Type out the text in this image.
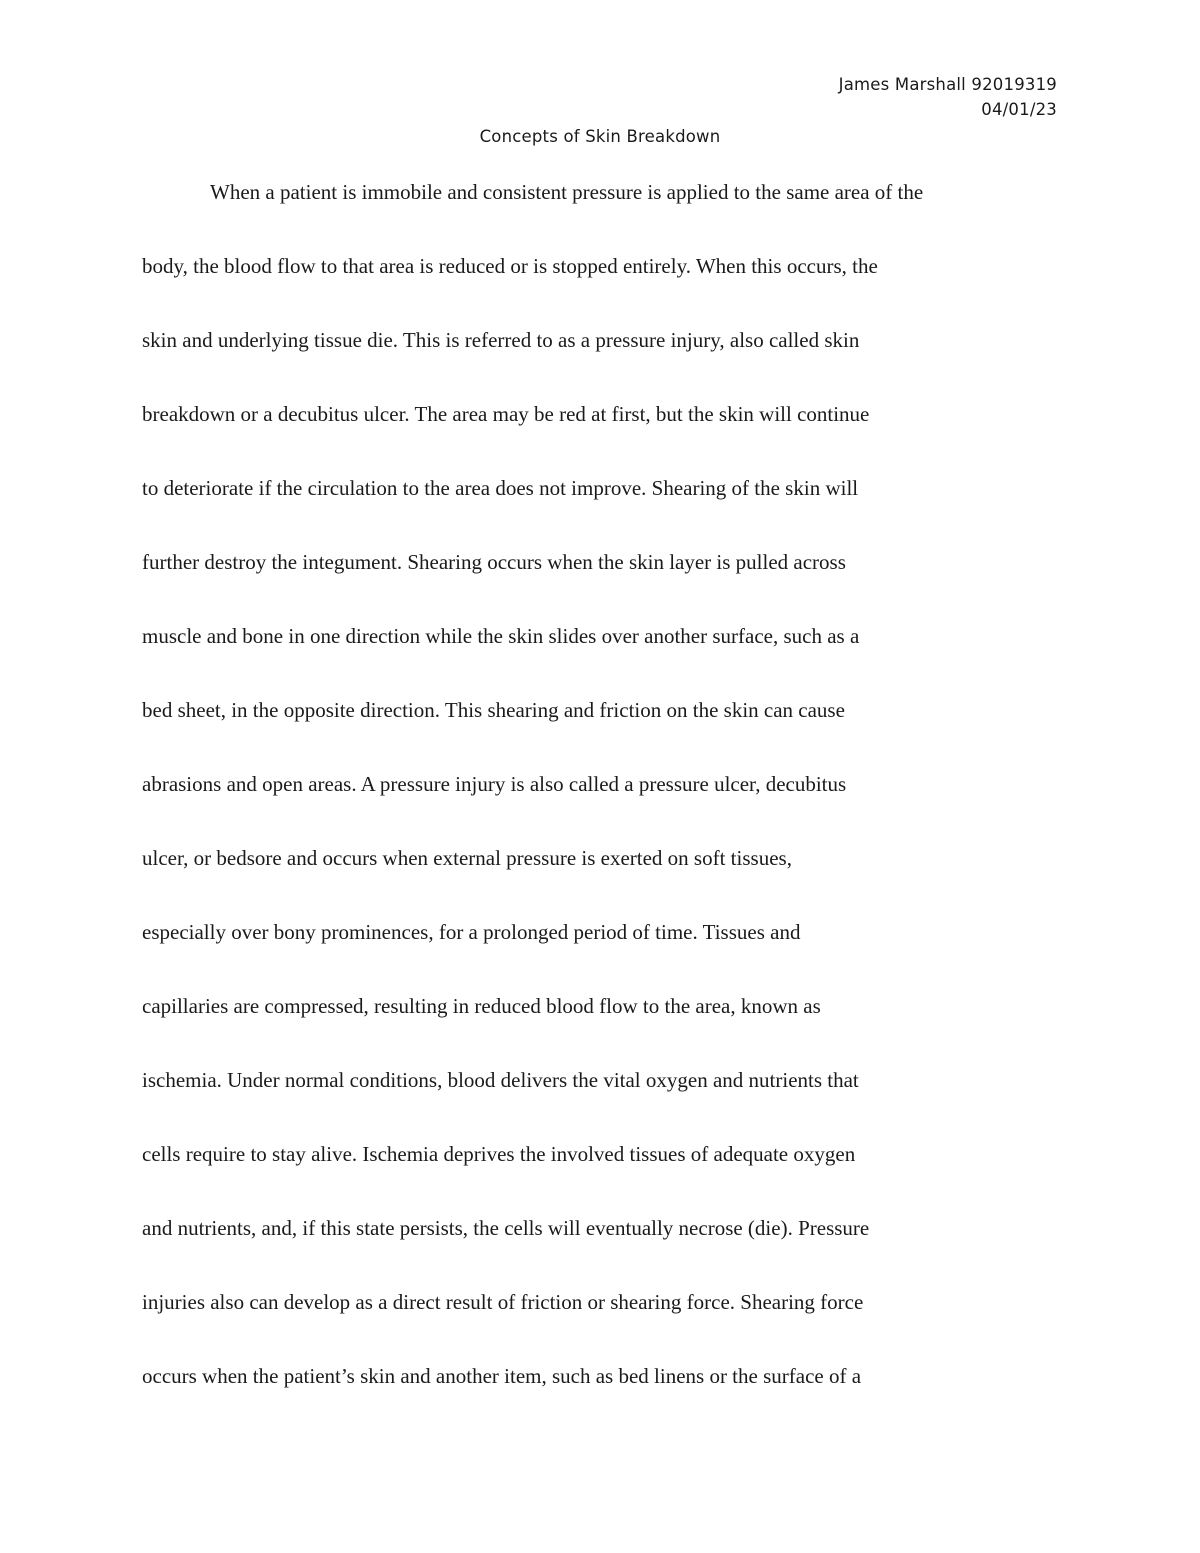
James Marshall 92019319
04/01/23
Concepts of Skin Breakdown
When a patient is immobile and consistent pressure is applied to the same area of the
body, the blood flow to that area is reduced or is stopped entirely. When this occurs, the
skin and underlying tissue die. This is referred to as a pressure injury, also called skin
breakdown or a decubitus ulcer. The area may be red at first, but the skin will continue
to deteriorate if the circulation to the area does not improve. Shearing of the skin will
further destroy the integument. Shearing occurs when the skin layer is pulled across
muscle and bone in one direction while the skin slides over another surface, such as a
bed sheet, in the opposite direction. This shearing and friction on the skin can cause
abrasions and open areas. A pressure injury is also called a pressure ulcer, decubitus
ulcer, or bedsore and occurs when external pressure is exerted on soft tissues,
especially over bony prominences, for a prolonged period of time. Tissues and
capillaries are compressed, resulting in reduced blood flow to the area, known as
ischemia. Under normal conditions, blood delivers the vital oxygen and nutrients that
cells require to stay alive. Ischemia deprives the involved tissues of adequate oxygen
and nutrients, and, if this state persists, the cells will eventually necrose (die). Pressure
injuries also can develop as a direct result of friction or shearing force. Shearing force
occurs when the patient’s skin and another item, such as bed linens or the surface of a
